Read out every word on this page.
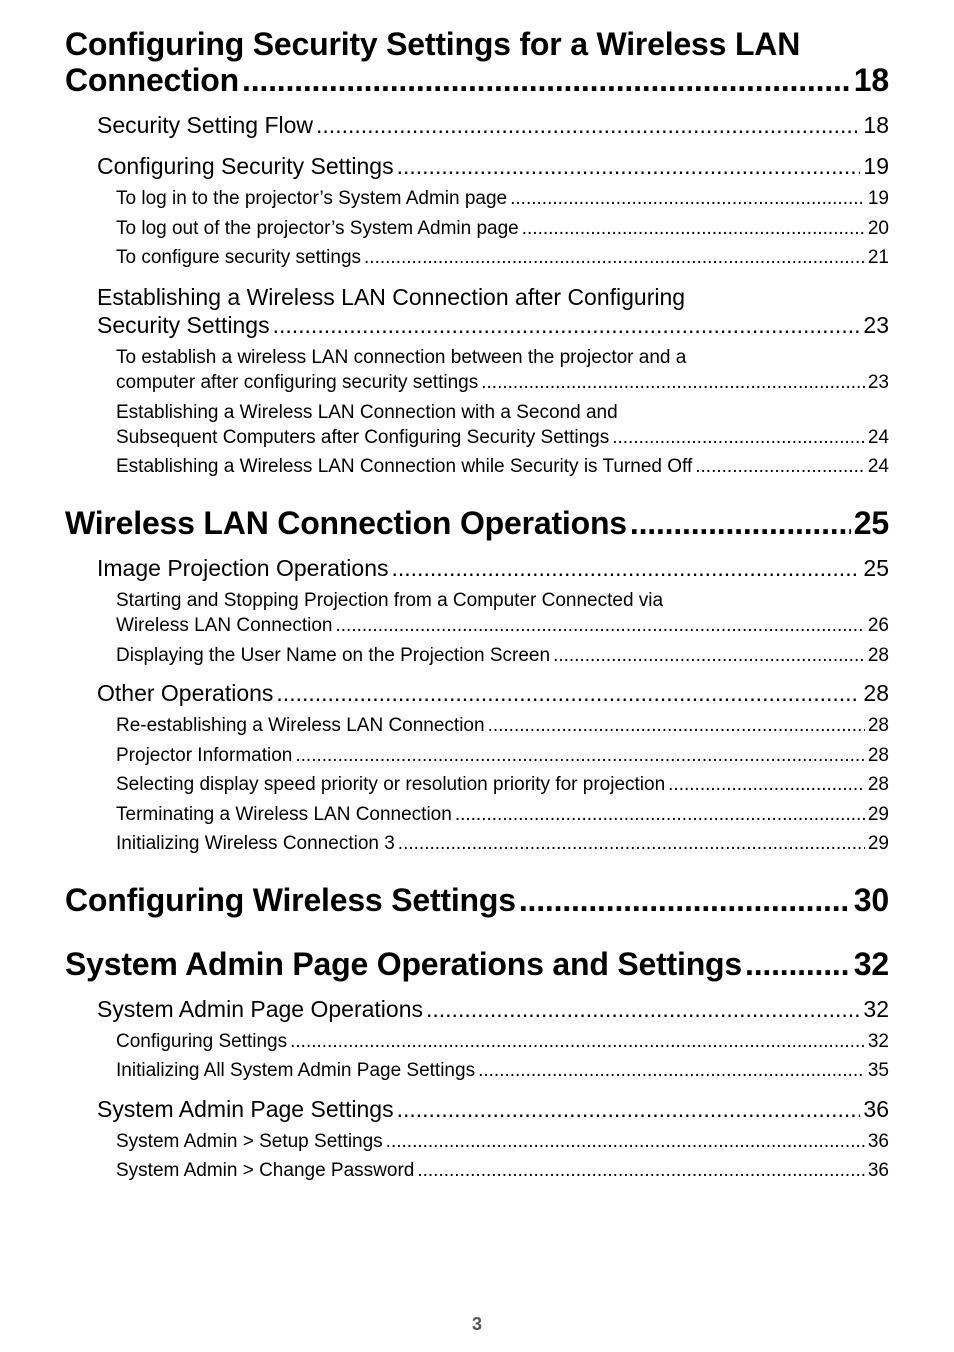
Configuring Security Settings for a Wireless LAN
Connection .....	18
Security Setting Flow .....	18
Configuring Security Settings .....	19
To log in to the projector’s System Admin page .....	19
To log out of the projector’s System Admin page .....	20
To configure security settings .....	21
Establishing a Wireless LAN Connection after Configuring
Security Settings .....	23
To establish a wireless LAN connection between the projector and a
computer after configuring security settings .....	23
Establishing a Wireless LAN Connection with a Second and
Subsequent Computers after Configuring Security Settings .....	24
Establishing a Wireless LAN Connection while Security is Turned Off .....	24
Wireless LAN Connection Operations .....	25
Image Projection Operations .....	25
Starting and Stopping Projection from a Computer Connected via
Wireless LAN Connection .....	26
Displaying the User Name on the Projection Screen .....	28
Other Operations .....	28
Re-establishing a Wireless LAN Connection .....	28
Projector Information .....	28
Selecting display speed priority or resolution priority for projection .....	28
Terminating a Wireless LAN Connection .....	29
Initializing Wireless Connection 3 .....	29
Configuring Wireless Settings .....	30
System Admin Page Operations and Settings .....	32
System Admin Page Operations .....	32
Configuring Settings .....	32
Initializing All System Admin Page Settings .....	35
System Admin Page Settings .....	36
System Admin > Setup Settings .....	36
System Admin > Change Password .....	36
3
